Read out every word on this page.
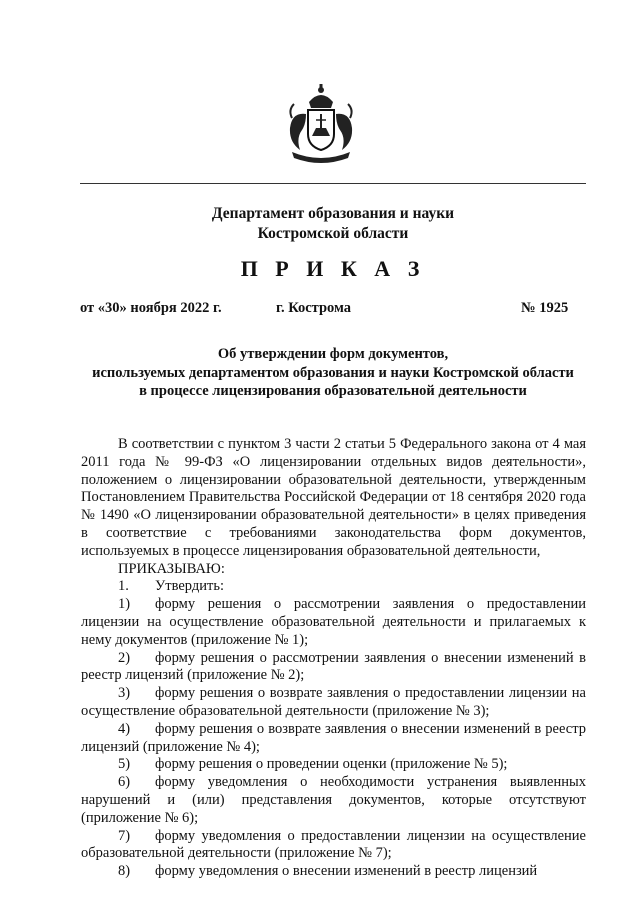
Департамент образования и науки
Костромской области
П Р И К А З
от «30» ноября 2022 г.	г. Кострома	№ 1925
Об утверждении форм документов,
используемых департаментом образования и науки Костромской области
в процессе лицензирования образовательной деятельности

В соответствии с пунктом 3 части 2 статьи 5 Федерального закона от 4 мая 2011 года № 99-ФЗ «О лицензировании отдельных видов деятельности», положением о лицензировании образовательной деятельности, утвержденным Постановлением Правительства Российской Федерации от 18 сентября 2020 года № 1490 «О лицензировании образовательной деятельности» в целях приведения в соответствие с требованиями законодательства форм документов, используемых в процессе лицензирования образовательной деятельности,

ПРИКАЗЫВАЮ:

1. Утвердить:

1) форму решения о рассмотрении заявления о предоставлении лицензии на осуществление образовательной деятельности и прилагаемых к нему документов (приложение № 1);

2) форму решения о рассмотрении заявления о внесении изменений в реестр лицензий (приложение № 2);

3) форму решения о возврате заявления о предоставлении лицензии на осуществление образовательной деятельности (приложение № 3);

4) форму решения о возврате заявления о внесении изменений в реестр лицензий (приложение № 4);

5) форму решения о проведении оценки (приложение № 5);

6) форму уведомления о необходимости устранения выявленных нарушений и (или) представления документов, которые отсутствуют (приложение № 6);

7) форму уведомления о предоставлении лицензии на осуществление образовательной деятельности (приложение № 7);

8) форму уведомления о внесении изменений в реестр лицензий
